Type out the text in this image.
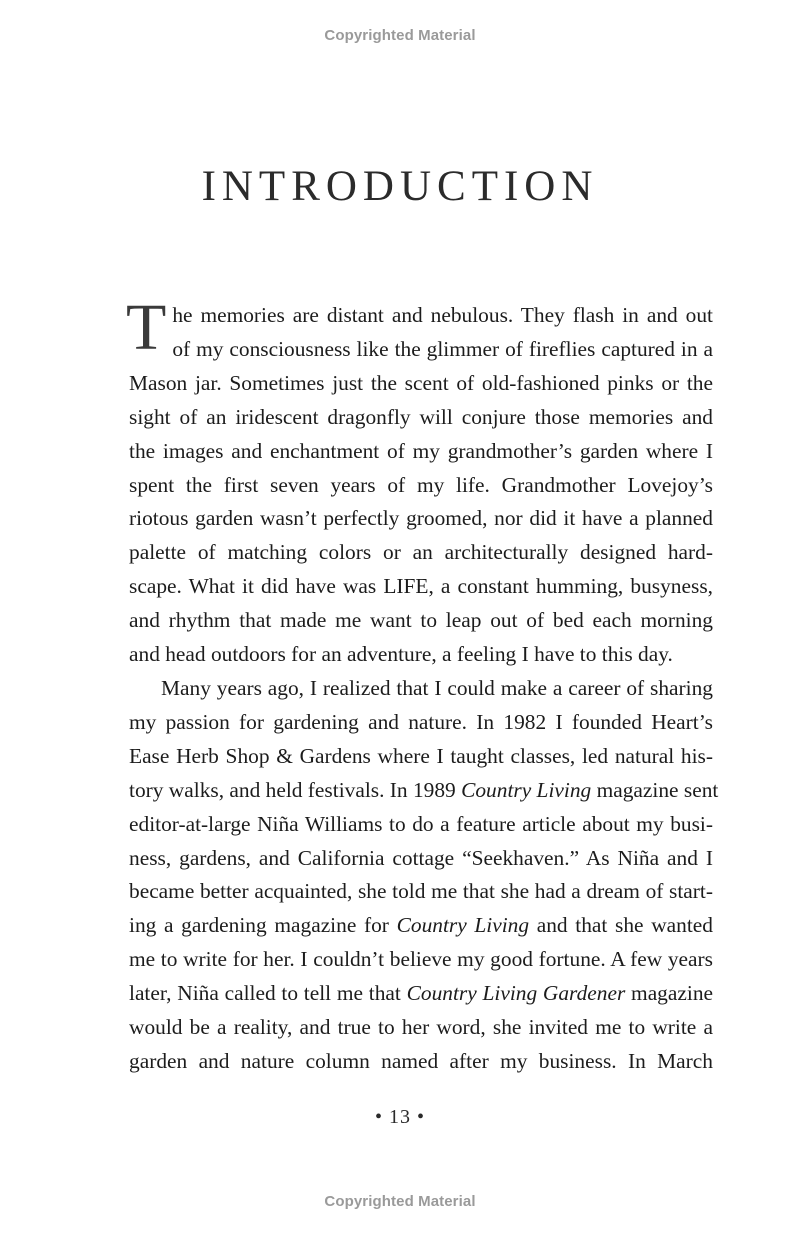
Copyrighted Material
INTRODUCTION

T he memories are distant and nebulous. They flash in and out
of my consciousness like the glimmer of fireflies captured in a
Mason jar. Sometimes just the scent of old-fashioned pinks or the
sight of an iridescent dragonfly will conjure those memories and
the images and enchantment of my grandmother’s garden where I
spent the first seven years of my life. Grandmother Lovejoy’s
riotous garden wasn’t perfectly groomed, nor did it have a planned
palette of matching colors or an architecturally designed hard-
scape. What it did have was LIFE, a constant humming, busyness,
and rhythm that made me want to leap out of bed each morning
and head outdoors for an adventure, a feeling I have to this day.

Many years ago, I realized that I could make a career of sharing
my passion for gardening and nature. In 1982 I founded Heart’s
Ease Herb Shop & Gardens where I taught classes, led natural his-
tory walks, and held festivals. In 1989 Country Living magazine sent
editor-at-large Niña Williams to do a feature article about my busi-
ness, gardens, and California cottage “Seekhaven.” As Niña and I
became better acquainted, she told me that she had a dream of start-
ing a gardening magazine for Country Living and that she wanted
me to write for her. I couldn’t believe my good fortune. A few years
later, Niña called to tell me that Country Living Gardener magazine
would be a reality, and true to her word, she invited me to write a
garden and nature column named after my business. In March

• 13 •
Copyrighted Material
